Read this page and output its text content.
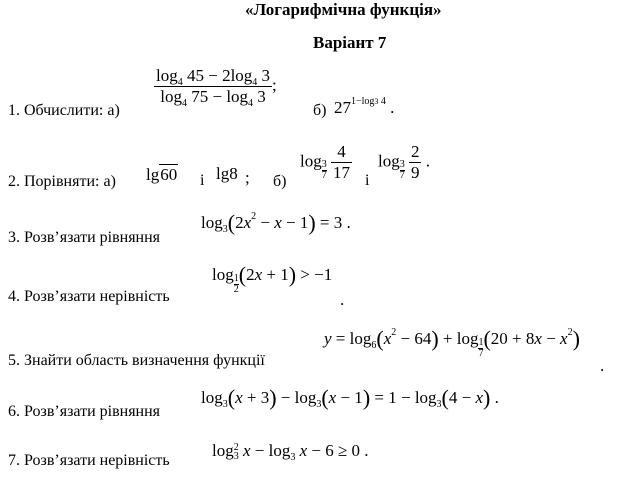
«Логарифмічна функція»
Варіант 7
1. Обчислити: а)
$\frac{\log_4 45 - 2\log_4 3}{\log_4 75 - \log_4 3}$ ;
б) $27^{1-log3 4}$ .
2. Порівняти: а) lg60 і lg8 ; б)
$\log \frac{3}{7}$
$\frac{4}{17}$ і
$\log \frac{3}{7}$
$\frac{2}{9}$ .
3. Розв’язати рівняння
$\log_3(2x^2 - x - 1) = 3$ .
4. Розв’язати нерівність
$\log \frac{1}{2} (2x + 1) > -1$
.
5. Знайти область визначення функції
$y = \log_6(x^2 - 64) + \log \frac{1}{7} (20 + 8x - x^2)$
.
6. Розв’язати рівняння
$\log_3(x + 3) - \log_3(x - 1) = 1 - \log_3(4 - x)$ .
7. Розв’язати нерівність
log 2
3 $x - \log_3 x - 6 \ge 0$ .
